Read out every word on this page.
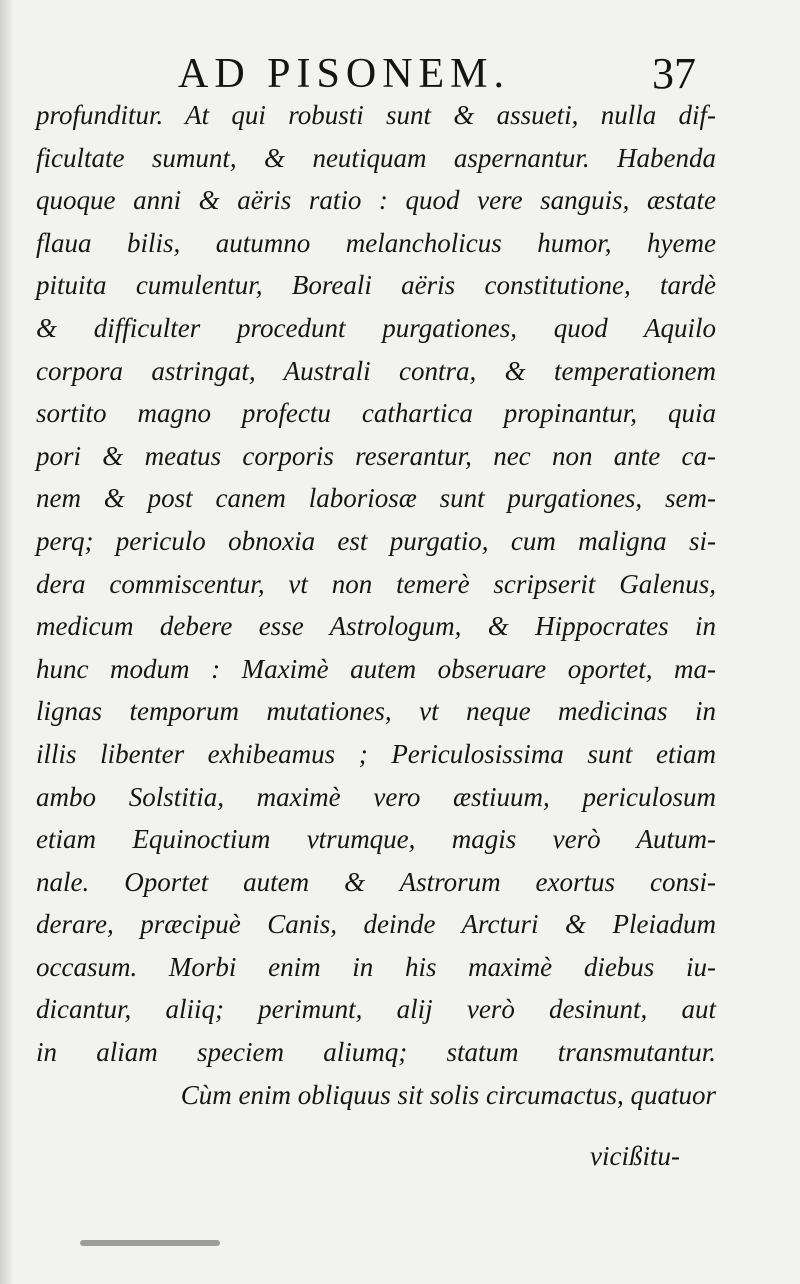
AD PISONEM.	37
profunditur. At qui robusti sunt & assueti, nulla dif-
ficultate sumunt, & neutiquam aspernantur. Habenda
quoque anni & aëris ratio : quod vere sanguis, æstate
flaua bilis, autumno melancholicus humor, hyeme
pituita cumulentur, Boreali aëris constitutione, tardè
& difficulter procedunt purgationes, quod Aquilo
corpora astringat, Australi contra, & temperationem
sortito magno profectu cathartica propinantur, quia
pori & meatus corporis reserantur, nec non ante ca-
nem & post canem laboriosæ sunt purgationes, sem-
perq; periculo obnoxia est purgatio, cum maligna si-
dera commiscentur, vt non temerè scripserit Galenus,
medicum debere esse Astrologum, & Hippocrates in
hunc modum : Maximè autem obseruare oportet, ma-
lignas temporum mutationes, vt neque medicinas in
illis libenter exhibeamus ; Periculosissima sunt etiam
ambo Solstitia, maximè vero æstiuum, periculosum
etiam Equinoctium vtrumque, magis verò Autum-
nale. Oportet autem & Astrorum exortus consi-
derare, præcipuè Canis, deinde Arcturi & Pleiadum
occasum. Morbi enim in his maximè diebus iu-
dicantur, aliiq; perimunt, alij verò desinunt, aut
in aliam speciem aliumq; statum transmutantur.
Cùm enim obliquus sit solis circumactus, quatuor
vicißitu-
